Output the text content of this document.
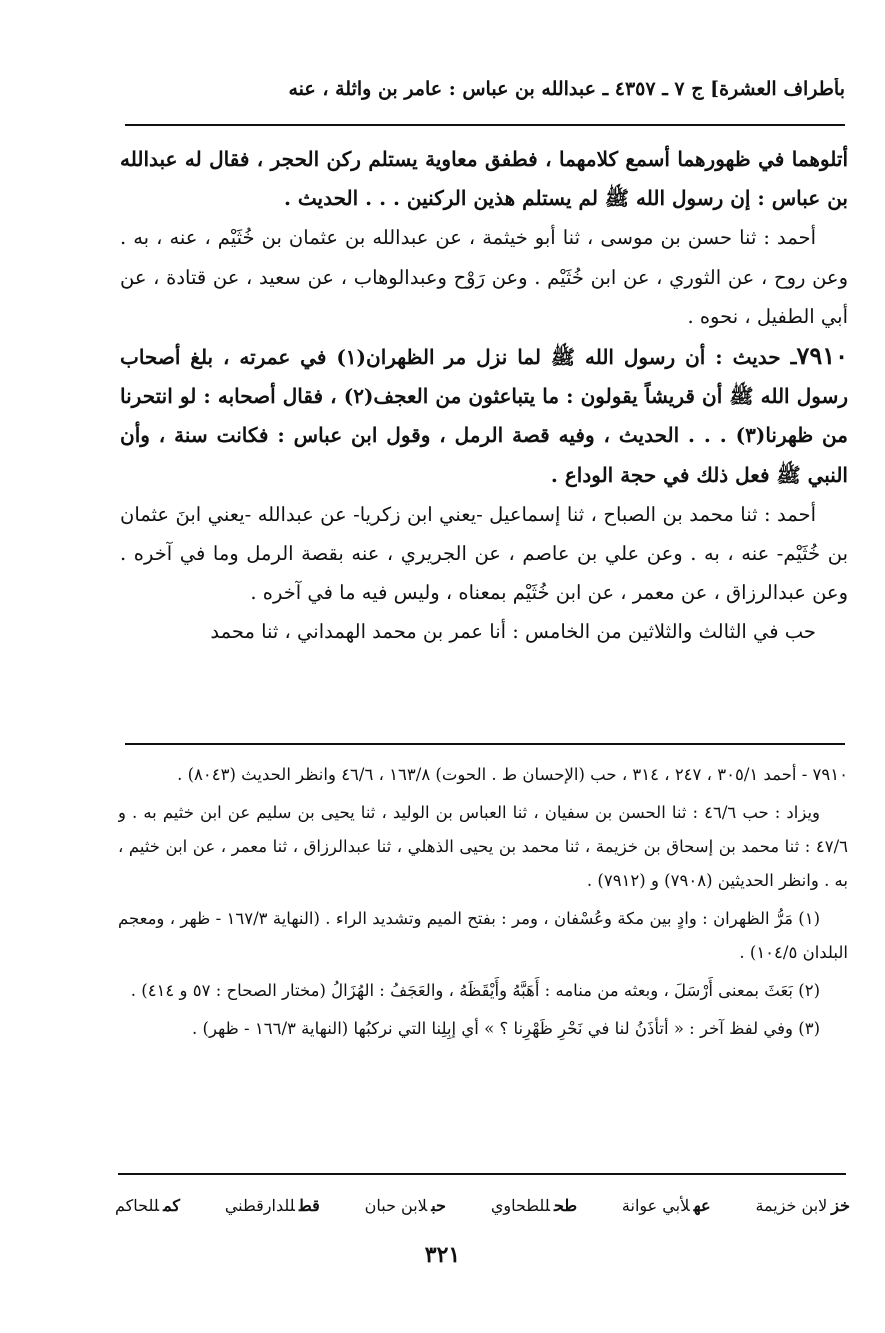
بأطراف العشرة] ج ٧ ـ ٤٣٥٧ ـ عبدالله بن عباس : عامر بن واثلة ، عنه

أتلوهما في ظهورهما أسمع كلامهما ، فطفق معاوية يستلم ركن الحجر ، فقال له عبدالله بن عباس : إن رسول الله ﷺ لم يستلم هذين الركنين . . . الحديث .

أحمد : ثنا حسن بن موسى ، ثنا أبو خيثمة ، عن عبدالله بن عثمان بن خُثَيْم ، عنه ، به . وعن روح ، عن الثوري ، عن ابن خُثَيْم . وعن رَوْح وعبدالوهاب ، عن سعيد ، عن قتادة ، عن أبي الطفيل ، نحوه .

٧٩١٠ـ حديث : أن رسول الله ﷺ لما نزل مر الظهران(١) في عمرته ، بلغ أصحاب رسول الله ﷺ أن قريشاً يقولون : ما يتباعثون من العجف(٢) ، فقال أصحابه : لو انتحرنا من ظهرنا(٣) . . . الحديث ، وفيه قصة الرمل ، وقول ابن عباس : فكانت سنة ، وأن النبي ﷺ فعل ذلك في حجة الوداع .

أحمد : ثنا محمد بن الصباح ، ثنا إسماعيل -يعني ابن زكريا- عن عبدالله -يعني ابنَ عثمان بن خُثَيْم- عنه ، به . وعن علي بن عاصم ، عن الجريري ، عنه بقصة الرمل وما في آخره . وعن عبدالرزاق ، عن معمر ، عن ابن خُثَيْم بمعناه ، وليس فيه ما في آخره .

حب في الثالث والثلاثين من الخامس : أنا عمر بن محمد الهمداني ، ثنا محمد

٧٩١٠ - أحمد ٣٠٥/١ ، ٢٤٧ ، ٣١٤ ، حب (الإحسان ط . الحوت) ١٦٣/٨ ، ٤٦/٦ وانظر الحديث (٨٠٤٣) .

ويزاد : حب ٤٦/٦ : ثنا الحسن بن سفيان ، ثنا العباس بن الوليد ، ثنا يحيى بن سليم عن ابن خثيم به . و ٤٧/٦ : ثنا محمد بن إسحاق بن خزيمة ، ثنا محمد بن يحيى الذهلي ، ثنا عبدالرزاق ، ثنا معمر ، عن ابن خثيم ، به . وانظر الحديثين (٧٩٠٨) و (٧٩١٢) .

(١) مَرُّ الظهران : وادٍ بين مكة وعُسْفان ، ومر : بفتح الميم وتشديد الراء . (النهاية ١٦٧/٣ - ظهر ، ومعجم البلدان ١٠٤/٥) .

(٢) بَعَثَ بمعنى أَرْسَلَ ، وبعثه من منامه : أَهَبَّهُ وأَيْقَظَهُ ، والعَجَفُ : الهُزَالُ (مختار الصحاح : ٥٧ و ٤١٤) .

(٣) وفي لفظ آخر : « أتأذَنُ لنا في نَحْرِ ظَهْرِنا ؟ » أي إبِلِنا التي نركبُها (النهاية ١٦٦/٣ - ظهر) .

خزلابن خزيمة
عهلأبي عوانة
طحللطحاوي
حبلابن حبان
قطللدارقطني
كمللحاكم
٣٢١
